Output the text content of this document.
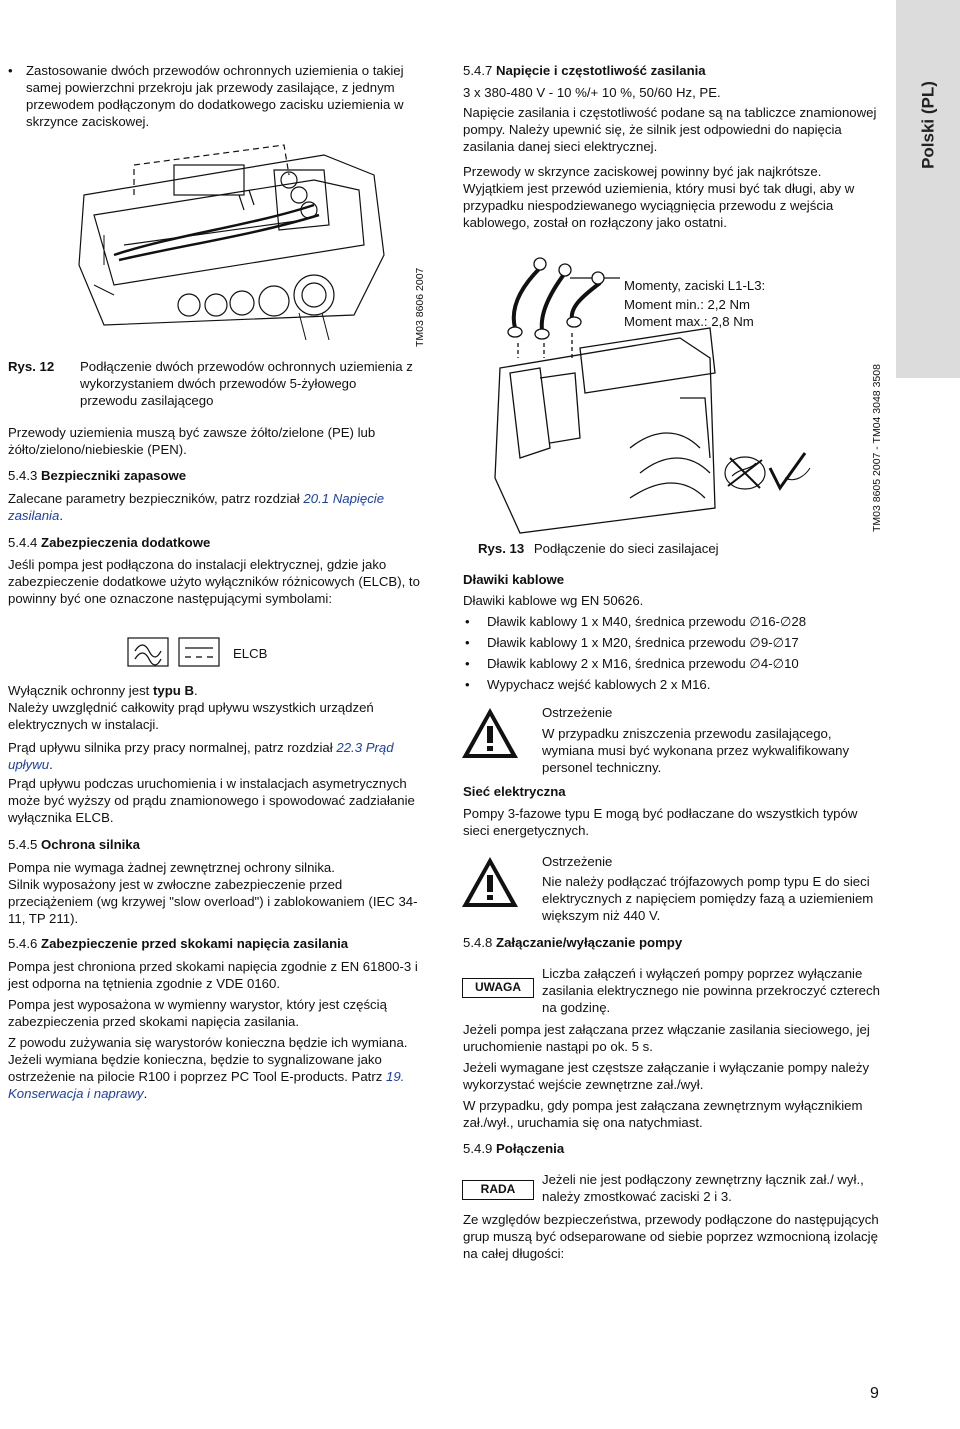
Polski (PL)
• Zastosowanie dwóch przewodów ochronnych uziemienia o takiej samej powierzchni przekroju jak przewody zasilające, z jednym przewodem podłączonym do dodatkowego zacisku uziemienia w skrzynce zaciskowej.

TM03 8606 2007
Rys. 12 Podłączenie dwóch przewodów ochronnych uziemienia z wykorzystaniem dwóch przewodów 5-żyłowego przewodu zasilającego

Przewody uziemienia muszą być zawsze żółto/zielone (PE) lub żółto/zielono/niebieskie (PEN).

5.4.3 Bezpieczniki zapasowe

Zalecane parametry bezpieczników, patrz rozdział 20.1 Napięcie zasilania.

5.4.4 Zabezpieczenia dodatkowe

Jeśli pompa jest podłączona do instalacji elektrycznej, gdzie jako zabezpieczenie dodatkowe użyto wyłączników różnicowych (ELCB), to powinny być one oznaczone następującymi symbolami:

ELCB

Wyłącznik ochronny jest typu B.

Należy uwzględnić całkowity prąd upływu wszystkich urządzeń elektrycznych w instalacji.

Prąd upływu silnika przy pracy normalnej, patrz rozdział 22.3 Prąd upływu.

Prąd upływu podczas uruchomienia i w instalacjach asymetrycznych może być wyższy od prądu znamionowego i spowodować zadziałanie wyłącznika ELCB.

5.4.5 Ochrona silnika

Pompa nie wymaga żadnej zewnętrznej ochrony silnika.

Silnik wyposażony jest w zwłoczne zabezpieczenie przed przeciążeniem (wg krzywej "slow overload") i zablokowaniem (IEC 34-11, TP 211).

5.4.6 Zabezpieczenie przed skokami napięcia zasilania

Pompa jest chroniona przed skokami napięcia zgodnie z EN 61800-3 i jest odporna na tętnienia zgodnie z VDE 0160.

Pompa jest wyposażona w wymienny warystor, który jest częścią zabezpieczenia przed skokami napięcia zasilania.

Z powodu zużywania się warystorów konieczna będzie ich wymiana. Jeżeli wymiana będzie konieczna, będzie to sygnalizowane jako ostrzeżenie na pilocie R100 i poprzez PC Tool E-products. Patrz 19. Konserwacja i naprawy.

5.4.7 Napięcie i częstotliwość zasilania

3 x 380-480 V - 10 %/+ 10 %, 50/60 Hz, PE.

Napięcie zasilania i częstotliwość podane są na tabliczce znamionowej pompy. Należy upewnić się, że silnik jest odpowiedni do napięcia zasilania danej sieci elektrycznej.

Przewody w skrzynce zaciskowej powinny być jak najkrótsze. Wyjątkiem jest przewód uziemienia, który musi być tak długi, aby w przypadku niespodziewanego wyciągnięcia przewodu z wejścia kablowego, został on rozłączony jako ostatni.

Momenty, zaciski L1-L3:

Moment min.: 2,2 Nm

Moment max.: 2,8 Nm

TM03 8605 2007 - TM04 3048 3508
Rys. 13 Podłączenie do sieci zasilajacej

Dławiki kablowe

Dławiki kablowe wg EN 50626.

• Dławik kablowy 1 x M40, średnica przewodu ∅16-∅28
• Dławik kablowy 1 x M20, średnica przewodu ∅9-∅17
• Dławik kablowy 2 x M16, średnica przewodu ∅4-∅10
• Wypychacz wejść kablowych 2 x M16.

Ostrzeżenie

W przypadku zniszczenia przewodu zasilającego, wymiana musi być wykonana przez wykwalifikowany personel techniczny.

Sieć elektryczna

Pompy 3-fazowe typu E mogą być podłaczane do wszystkich typów sieci energetycznych.

Ostrzeżenie

Nie należy podłączać trójfazowych pomp typu E do sieci elektrycznych z napięciem pomiędzy fazą a uziemieniem większym niż 440 V.

5.4.8 Załączanie/wyłączanie pompy

UWAGA

Liczba załączeń i wyłączeń pompy poprzez wyłączanie zasilania elektrycznego nie powinna przekroczyć czterech na godzinę.

Jeżeli pompa jest załączana przez włączanie zasilania sieciowego, jej uruchomienie nastąpi po ok. 5 s.

Jeżeli wymagane jest częstsze załączanie i wyłączanie pompy należy wykorzystać wejście zewnętrzne zał./wył.

W przypadku, gdy pompa jest załączana zewnętrznym wyłącznikiem zał./wył., uruchamia się ona natychmiast.

5.4.9 Połączenia

RADA

Jeżeli nie jest podłączony zewnętrzny łącznik zał./ wył., należy zmostkować zaciski 2 i 3.

Ze względów bezpieczeństwa, przewody podłączone do następujących grup muszą być odseparowane od siebie poprzez wzmocnioną izolację na całej długości:

9
